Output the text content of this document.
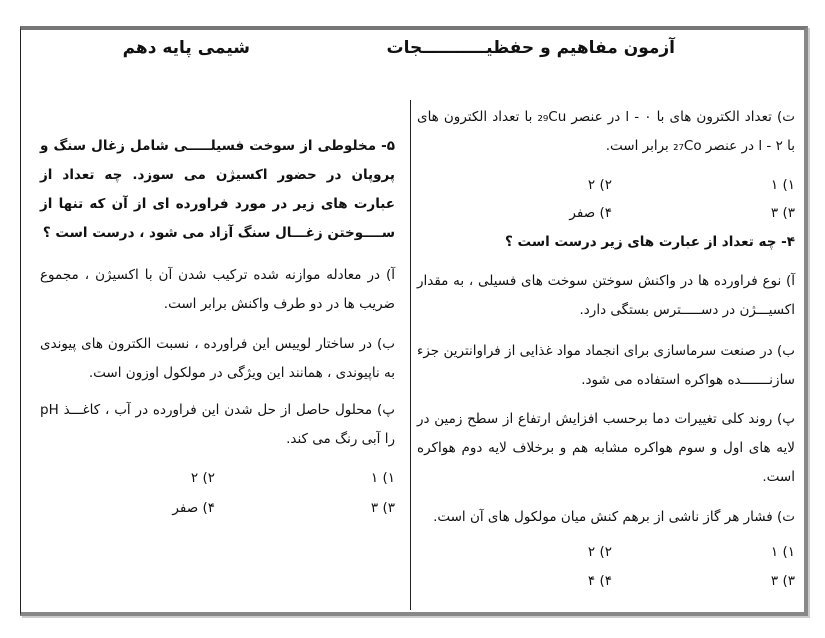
آزمون مفاهیم و حفظیـــــــــــجات
شیمی پایه دهم
ت) تعداد الکترون های با ۰ - l در عنصر ₂₉Cu با تعداد الکترون های با ۲ - l در عنصر ₂₇Co برابر است.
۱) ۱
۲) ۲
۳) ۳
۴) صفر
۴- چه تعداد از عبارت های زیر درست است ؟
آ) نوع فراورده ها در واکنش سوختن سوخت های فسیلی ، به مقدار اکسیـــژن در دســـــترس بستگی دارد.
ب) در صنعت سرماسازی برای انجماد مواد غذایی از فراوانترین جزء سازنـــــــده هواکره استفاده می شود.
پ) روند کلی تغییرات دما برحسب افزایش ارتفاع از سطح زمین در لایه های اول و سوم هواکره مشابه هم و برخلاف لایه دوم هواکره است.
ت) فشار هر گاز ناشی از برهم کنش میان مولکول های آن است.
۱) ۱
۲) ۲
۳) ۳
۴) ۴
۵- مخلوطی از سوخت فسیلـــــی شامل زغال سنگ و پروپان در حضور اکسیژن می سوزد. چه تعداد از عبارت های زیر در مورد فراورده ای از آن که تنها از ســــوختن زغـــال سنگ آزاد می شود ، درست است ؟
آ) در معادله موازنه شده ترکیب شدن آن با اکسیژن ، مجموع ضریب ها در دو طرف واکنش برابر است.
ب) در ساختار لوییس این فراورده ، نسبت الکترون های پیوندی به ناپیوندی ، همانند این ویژگی در مولکول اوزون است.
پ) محلول حاصل از حل شدن این فراورده در آب ، کاغـــذ pH را آبی رنگ می کند.
۱) ۱
۲) ۲
۳) ۳
۴) صفر
